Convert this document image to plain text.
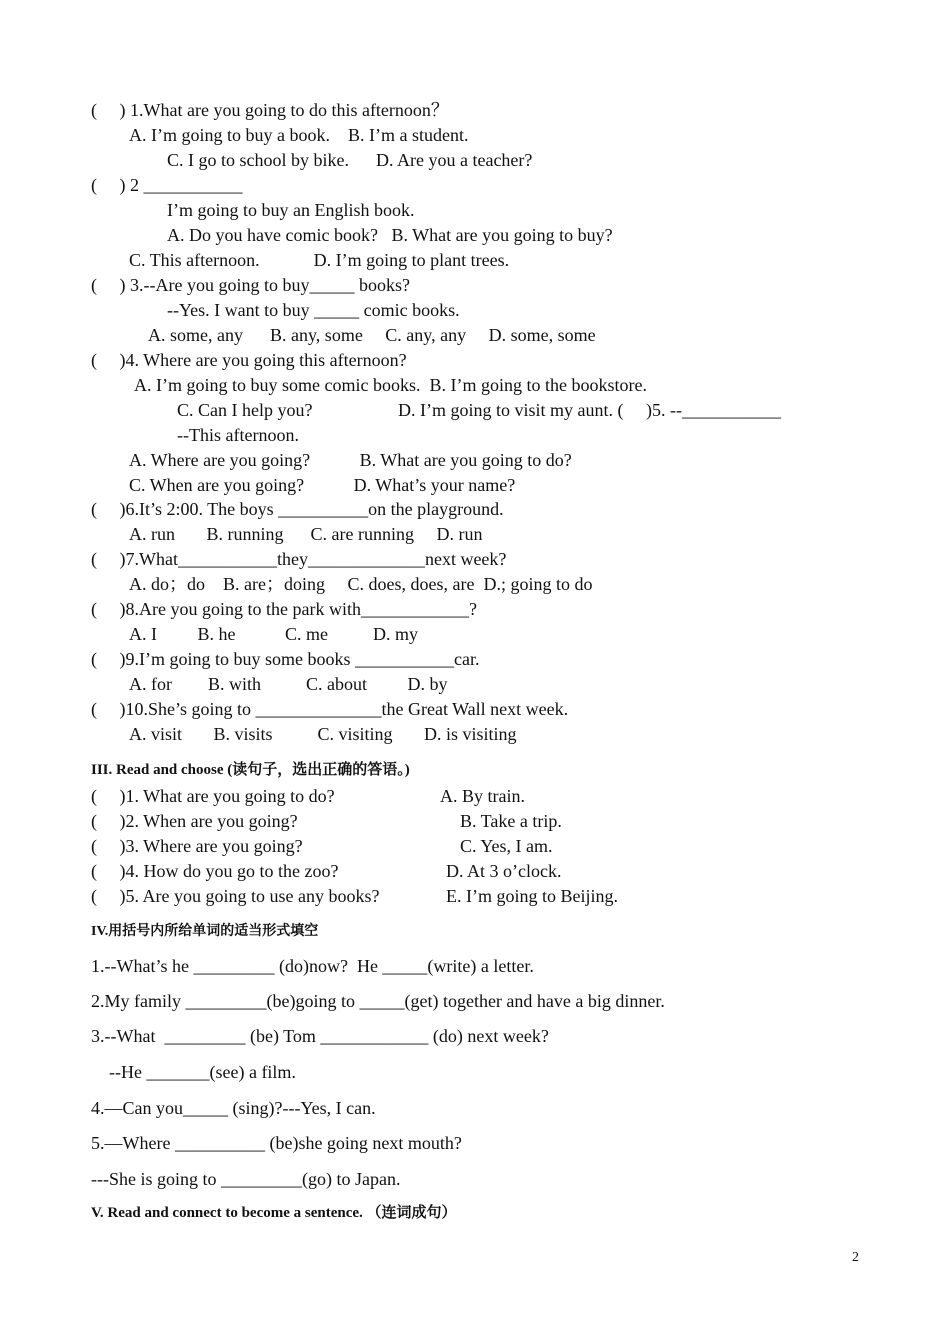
(     ) 1.What are you going to do this afternoon？
A. I’m going to buy a book.    B. I’m a student.
C. I go to school by bike.      D. Are you a teacher?
(     ) 2 ___________
I’m going to buy an English book.
A. Do you have comic book?   B. What are you going to buy?
C. This afternoon.            D. I’m going to plant trees.
(     ) 3.--Are you going to buy_____ books?
--Yes. I want to buy _____ comic books.
A. some, any      B. any, some     C. any, any     D. some, some
(     )4. Where are you going this afternoon?
A. I’m going to buy some comic books.  B. I’m going to the bookstore.
C. Can I help you?                   D. I’m going to visit my aunt. (     )5. --___________
--This afternoon.
A. Where are you going?           B. What are you going to do?
C. When are you going?           D. What’s your name?
(     )6.It’s 2:00. The boys __________on the playground.
A. run       B. running      C. are running     D. run
(     )7.What___________they_____________next week?
A. do；do    B. are；doing     C. does, does, are  D.; going to do
(     )8.Are you going to the park with____________?
A. I         B. he           C. me          D. my
(     )9.I’m going to buy some books ___________car.
A. for        B. with          C. about         D. by
(     )10.She’s going to ______________the Great Wall next week.
A. visit       B. visits          C. visiting       D. is visiting
III. Read and choose (读句子，选出正确的答语。)
(     )1. What are you going to do?
(     )2. When are you going?
(     )3. Where are you going?
(     )4. How do you go to the zoo?
(     )5. Are you going to use any books?
A. By train.
B. Take a trip.
C. Yes, I am.
D. At 3 o’clock.
E. I’m going to Beijing.
IV.用括号内所给单词的适当形式填空
1.--What’s he _________ (do)now?  He _____(write) a letter.
2.My family _________(be)going to _____(get) together and have a big dinner.
3.--What  _________ (be) Tom ____________ (do) next week?
--He _______(see) a film.
4.—Can you_____ (sing)?---Yes, I can.
5.—Where __________ (be)she going next mouth?
---She is going to _________(go) to Japan.
V. Read and connect to become a sentence. （连词成句）
2
